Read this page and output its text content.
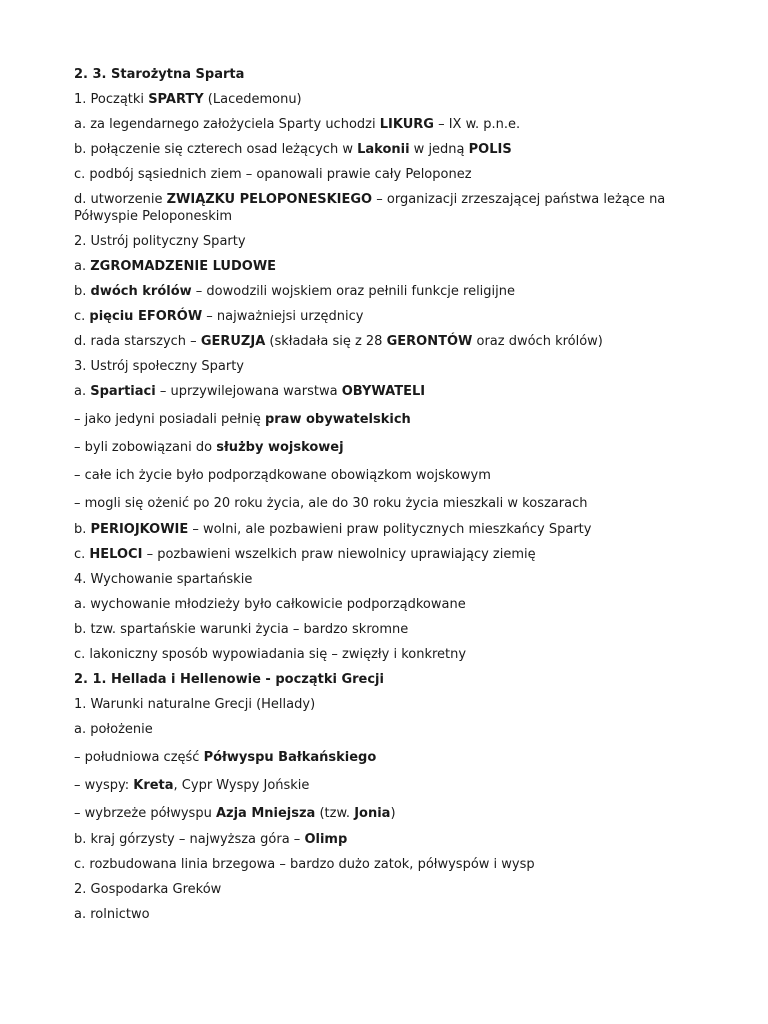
2. 3. Starożytna Sparta

1. Początki SPARTY (Lacedemonu)

a. za legendarnego założyciela Sparty uchodzi LIKURG – IX w. p.n.e.

b. połączenie się czterech osad leżących w Lakonii w jedną POLIS

c. podbój sąsiednich ziem – opanowali prawie cały Peloponez

d. utworzenie ZWIĄZKU PELOPONESKIEGO – organizacji zrzeszającej państwa leżące na Półwyspie Peloponeskim

2. Ustrój polityczny Sparty

a. ZGROMADZENIE LUDOWE

b. dwóch królów – dowodzili wojskiem oraz pełnili funkcje religijne

c. pięciu EFORÓW – najważniejsi urzędnicy

d. rada starszych – GERUZJA (składała się z 28 GERONTÓW oraz dwóch królów)

3. Ustrój społeczny Sparty

a. Spartiaci – uprzywilejowana warstwa OBYWATELI

– jako jedyni posiadali pełnię praw obywatelskich

– byli zobowiązani do służby wojskowej

– całe ich życie było podporządkowane obowiązkom wojskowym

– mogli się ożenić po 20 roku życia, ale do 30 roku życia mieszkali w koszarach

b. PERIOJKOWIE – wolni, ale pozbawieni praw politycznych mieszkańcy Sparty

c. HELOCI – pozbawieni wszelkich praw niewolnicy uprawiający ziemię

4. Wychowanie spartańskie

a. wychowanie młodzieży było całkowicie podporządkowane

b. tzw. spartańskie warunki życia – bardzo skromne

c. lakoniczny sposób wypowiadania się – zwięzły i konkretny

2. 1. Hellada i Hellenowie - początki Grecji

1. Warunki naturalne Grecji (Hellady)

a. położenie

– południowa część Półwyspu Bałkańskiego

– wyspy: Kreta, Cypr Wyspy Jońskie

– wybrzeże półwyspu Azja Mniejsza (tzw. Jonia)

b. kraj górzysty – najwyższa góra – Olimp

c. rozbudowana linia brzegowa – bardzo dużo zatok, półwyspów i wysp

2. Gospodarka Greków

a. rolnictwo
